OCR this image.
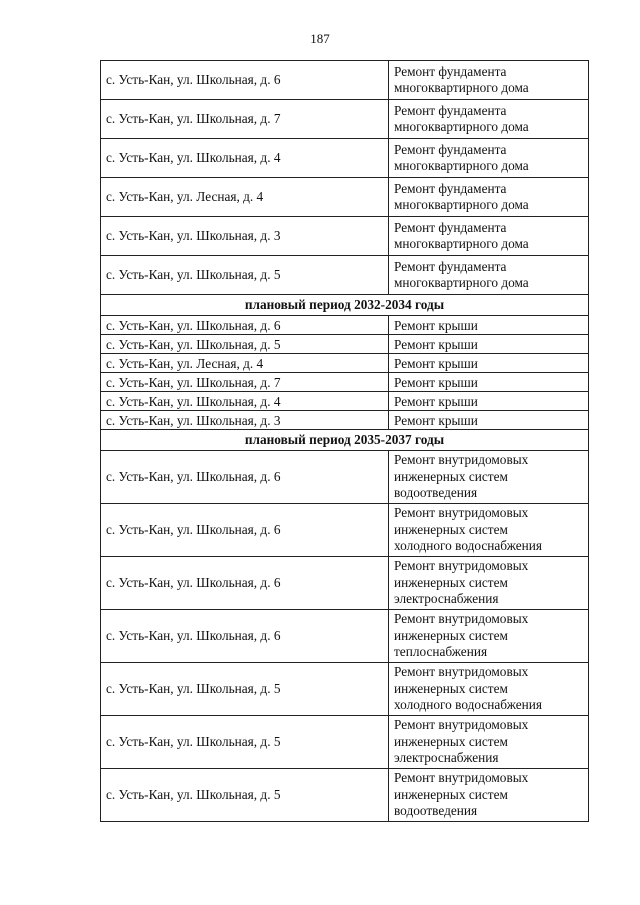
187
с. Усть-Кан, ул. Школьная, д. 6	Ремонт фундамента
многоквартирного дома
с. Усть-Кан, ул. Школьная, д. 7	Ремонт фундамента
многоквартирного дома
с. Усть-Кан, ул. Школьная, д. 4	Ремонт фундамента
многоквартирного дома
с. Усть-Кан, ул. Лесная, д. 4	Ремонт фундамента
многоквартирного дома
с. Усть-Кан, ул. Школьная, д. 3	Ремонт фундамента
многоквартирного дома
с. Усть-Кан, ул. Школьная, д. 5	Ремонт фундамента
многоквартирного дома
плановый период 2032-2034 годы	
с. Усть-Кан, ул. Школьная, д. 6	Ремонт крыши
с. Усть-Кан, ул. Школьная, д. 5	Ремонт крыши
с. Усть-Кан, ул. Лесная, д. 4	Ремонт крыши
с. Усть-Кан, ул. Школьная, д. 7	Ремонт крыши
с. Усть-Кан, ул. Школьная, д. 4	Ремонт крыши
с. Усть-Кан, ул. Школьная, д. 3	Ремонт крыши
плановый период 2035-2037 годы	
с. Усть-Кан, ул. Школьная, д. 6	Ремонт внутридомовых
инженерных систем
водоотведения
с. Усть-Кан, ул. Школьная, д. 6	Ремонт внутридомовых
инженерных систем
холодного водоснабжения
с. Усть-Кан, ул. Школьная, д. 6	Ремонт внутридомовых
инженерных систем
электроснабжения
с. Усть-Кан, ул. Школьная, д. 6	Ремонт внутридомовых
инженерных систем
теплоснабжения
с. Усть-Кан, ул. Школьная, д. 5	Ремонт внутридомовых
инженерных систем
холодного водоснабжения
с. Усть-Кан, ул. Школьная, д. 5	Ремонт внутридомовых
инженерных систем
электроснабжения
с. Усть-Кан, ул. Школьная, д. 5	Ремонт внутридомовых
инженерных систем
водоотведения
